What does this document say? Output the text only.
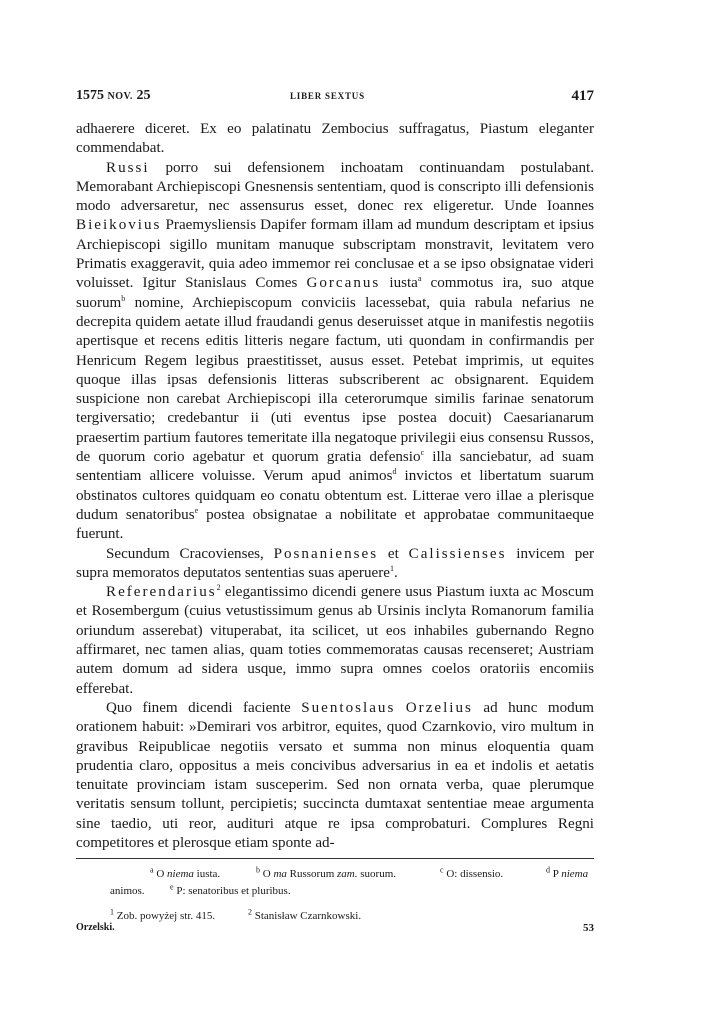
1575 NOV. 25	LIBER SEXTUS	417

adhaerere diceret. Ex eo palatinatu Zembocius suffragatus, Piastum eleganter commendabat.

Russi porro sui defensionem inchoatam continuandam postulabant. Memorabant Archiepiscopi Gnesnensis sententiam, quod is conscripto illi defensionis modo adversaretur, nec assensurus esset, donec rex eligeretur. Unde Ioannes Bieikovius Praemysliensis Dapifer formam illam ad mundum descriptam et ipsius Archiepiscopi sigillo munitam manuque subscriptam monstravit, levitatem vero Primatis exaggeravit, quia adeo immemor rei conclusae et a se ipso obsignatae videri voluisset. Igitur Stanislaus Comes Gorcanus iusta$^a$ commotus ira, suo atque suorum$^b$ nomine, Archiepiscopum conviciis lacessebat, quia rabula nefarius ne decrepita quidem aetate illud fraudandi genus deseruisset atque in manifestis negotiis apertisque et recens editis litteris negare factum, uti quondam in confirmandis per Henricum Regem legibus praestitisset, ausus esset. Petebat imprimis, ut equites quoque illas ipsas defensionis litteras subscriberent ac obsignarent. Equidem suspicione non carebat Archiepiscopi illa ceterorumque similis farinae senatorum tergiversatio; credebantur ii (uti eventus ipse postea docuit) Caesarianarum praesertim partium fautores temeritate illa negatoque privilegii eius consensu Russos, de quorum corio agebatur et quorum gratia defensio$^c$ illa sanciebatur, ad suam sententiam allicere voluisse. Verum apud animos$^d$ invictos et libertatum suarum obstinatos cultores quidquam eo conatu obtentum est. Litterae vero illae a plerisque dudum senatoribus$^e$ postea obsignatae a nobilitate et approbatae communitaeque fuerunt.

Secundum Cracovienses, Posnanienses et Calissienses invicem per supra memoratos deputatos sententias suas aperuere$^1$.

Referendarius$^2$ elegantissimo dicendi genere usus Piastum iuxta ac Moscum et Rosembergum (cuius vetustissimum genus ab Ursinis inclyta Romanorum familia oriundum asserebat) vituperabat, ita scilicet, ut eos inhabiles gubernando Regno affirmaret, nec tamen alias, quam toties commemoratas causas recenseret; Austriam autem domum ad sidera usque, immo supra omnes coelos oratoriis encomiis efferebat.

Quo finem dicendi faciente Suentoslaus Orzelius ad hunc modum orationem habuit: »Demirari vos arbitror, equites, quod Czarnkovio, viro multum in gravibus Reipublicae negotiis versato et summa non minus eloquentia quam prudentia claro, oppositus a meis concivibus adversarius in ea et indolis et aetatis tenuitate provinciam istam susceperim. Sed non ornata verba, quae plerumque veritatis sensum tollunt, percipietis; succincta dumtaxat sententiae meae argumenta sine taedio, uti reor, audituri atque re ipsa comprobaturi. Complures Regni competitores et plerosque etiam sponte ad-

$^a$ O niema iusta.	$^b$ O ma Russorum zam. suorum.	$^c$ O: dissensio.	$^d$ P niema
animos.	$^e$ P: senatoribus et pluribus.
$^1$ Zob. powyżej str. 415.	$^2$ Stanisław Czarnkowski.
Orzelski.	53
